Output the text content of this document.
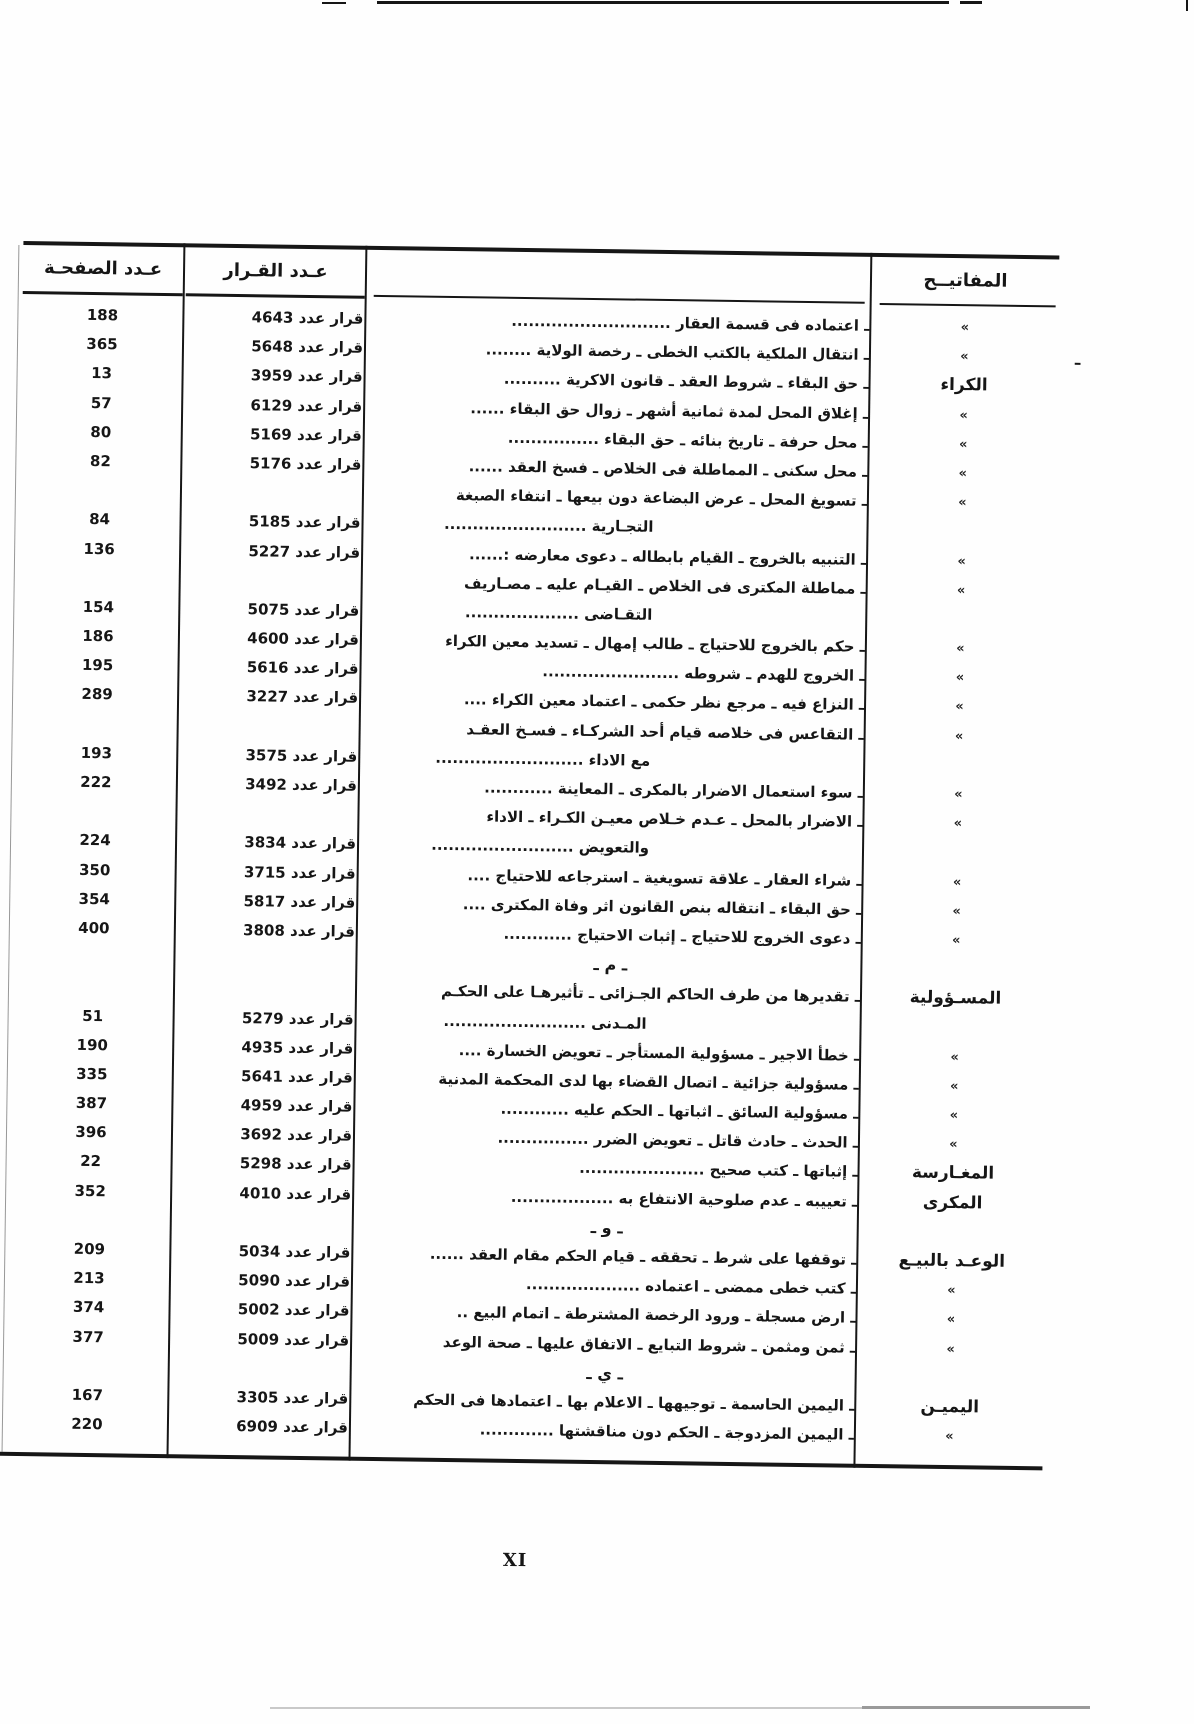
المفاتيــح
عـدد القـرار
عـدد الصفحـة
»
ـ اعتماده فى قسمة العقار ............................
قرار عدد 4643
188
»
ـ انتقال الملكية بالكتب الخطى ـ رخصة الولاية ........
قرار عدد 5648
365
الكراء
ـ حق البقاء ـ شروط العقد ـ قانون الاكرية ..........
قرار عدد 3959
13
»
ـ إغلاق المحل لمدة ثمانية أشهر ـ زوال حق البقاء ......
قرار عدد 6129
57
»
ـ محل حرفة ـ تاريخ بنائه ـ حق البقاء ................
قرار عدد 5169
80
»
ـ محل سكنى ـ المماطلة فى الخلاص ـ فسخ العقد ......
قرار عدد 5176
82
»
ـ تسويغ المحل ـ عرض البضاعة دون بيعها ـ انتفاء الصبغة
التجـارية .........................
قرار عدد 5185
84
»
ـ التنبيه بالخروج ـ القيام بابطاله ـ دعوى معارضه :......
قرار عدد 5227
136
»
ـ مماطلة المكترى فى الخلاص ـ القيـام عليه ـ مصـاريف
التقـاضى ....................
قرار عدد 5075
154
»
ـ حكم بالخروج للاحتياج ـ طالب إمهال ـ تسديد معين الكراء
قرار عدد 4600
186
»
ـ الخروج للهدم ـ شروطه ........................
قرار عدد 5616
195
»
ـ النزاع فيه ـ مرجع نظر حكمى ـ اعتماد معين الكراء ....
قرار عدد 3227
289
»
ـ التقاعس فى خلاصه قيام أحد الشركـاء ـ فسـخ العقـد
مع الاداء ..........................
قرار عدد 3575
193
»
ـ سوء استعمال الاضرار بالمكرى ـ المعاينة ............
قرار عدد 3492
222
»
ـ الاضرار بالمحل ـ عـدم خـلاص معيـن الكـراء ـ الاداء
والتعويض .........................
قرار عدد 3834
224
»
ـ شراء العقار ـ علاقة تسويغية ـ استرجاعه للاحتياج ....
قرار عدد 3715
350
»
ـ حق البقاء ـ انتقاله بنص القانون اثر وفاة المكترى ....
قرار عدد 5817
354
»
ـ دعوى الخروج للاحتياج ـ إثبات الاحتياج ............
قرار عدد 3808
400
ـ م ـ
المسـؤولية
ـ تقديرها من طرف الحاكم الجـزائى ـ تأثيرهـا على الحكـم
المـدنى .........................
قرار عدد 5279
51
»
ـ خطأ الاجير ـ مسؤولية المستأجر ـ تعويض الخسارة ....
قرار عدد 4935
190
»
ـ مسؤولية جزائية ـ اتصال القضاء بها لدى المحكمة المدنية
قرار عدد 5641
335
»
ـ مسؤولية السائق ـ اثباتها ـ الحكم عليه ............
قرار عدد 4959
387
»
ـ الحدث ـ حادث قاتل ـ تعويض الضرر ................
قرار عدد 3692
396
المغـارسة
ـ إثباتها ـ كتب صحيح ......................
قرار عدد 5298
22
المكرى
ـ تعييبه ـ عدم صلوحية الانتفاع به ..................
قرار عدد 4010
352
ـ و ـ
الوعـد بالبيـع
ـ توقفها على شرط ـ تحققه ـ قيام الحكم مقام العقد ......
قرار عدد 5034
209
»
ـ كتب خطى ممضى ـ اعتماده ....................
قرار عدد 5090
213
»
ـ ارض مسجلة ـ ورود الرخصة المشترطة ـ اتمام البيع ..
قرار عدد 5002
374
»
ـ ثمن ومثمن ـ شروط التبايع ـ الاتفاق عليها ـ صحة الوعد
قرار عدد 5009
377
ـ ي ـ
اليميـن
ـ اليمين الحاسمة ـ توجيهها ـ الاعلام بها ـ اعتمادها فى الحكم
قرار عدد 3305
167
»
ـ اليمين المزدوجة ـ الحكم دون مناقشتها .............
قرار عدد 6909
220
ـ
XI
